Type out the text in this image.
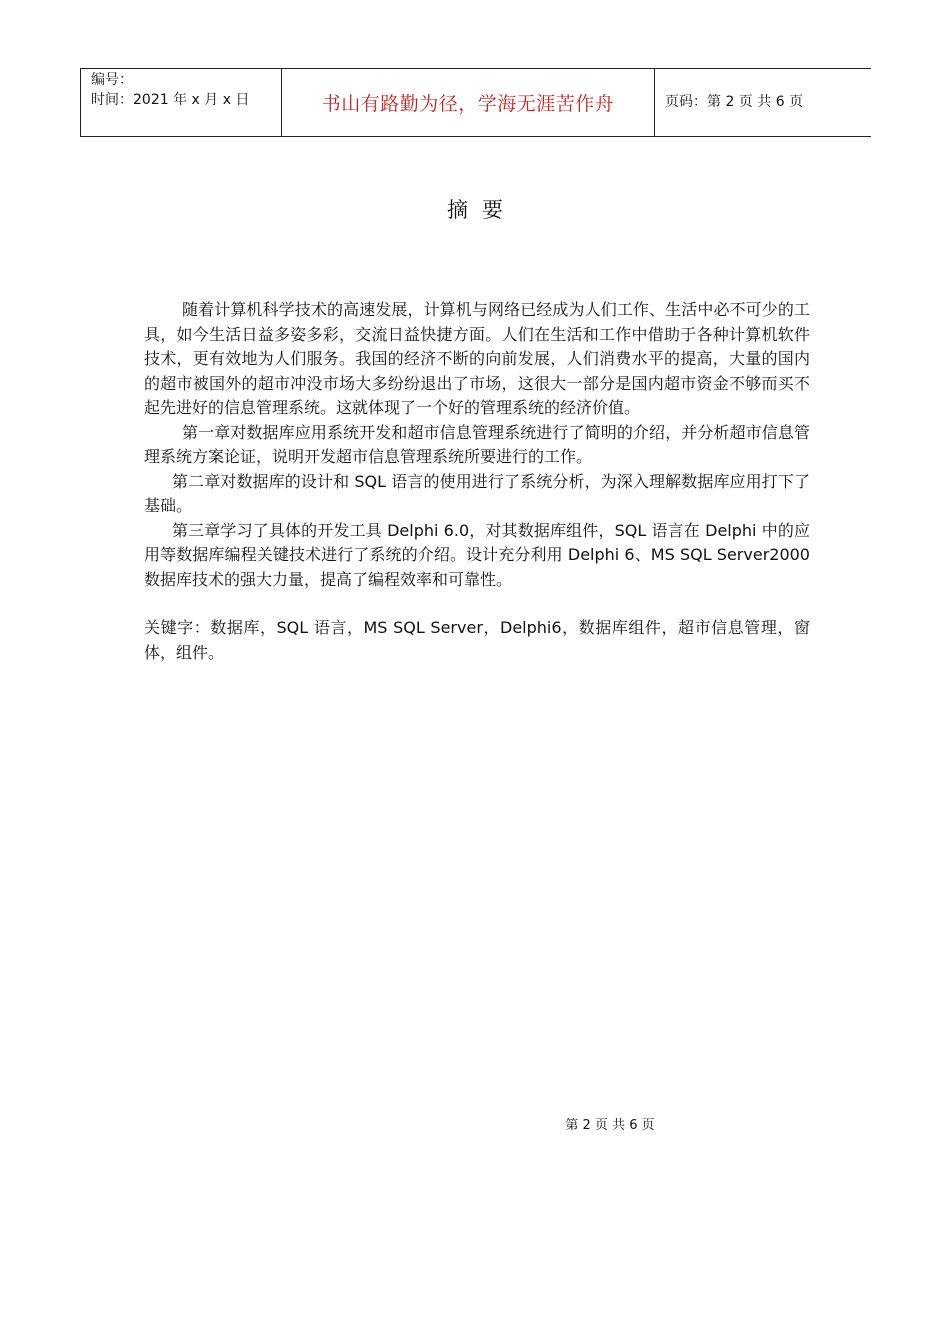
编号：
时间：2021 年 x 月 x 日	书山有路勤为径，学海无涯苦作舟	页码：第 2 页 共 6 页
摘要

随着计算机科学技术的高速发展，计算机与网络已经成为人们工作、生活中必不可少的工具，如今生活日益多姿多彩，交流日益快捷方面。人们在生活和工作中借助于各种计算机软件技术，更有效地为人们服务。我国的经济不断的向前发展，人们消费水平的提高，大量的国内的超市被国外的超市冲没市场大多纷纷退出了市场，这很大一部分是国内超市资金不够而买不起先进好的信息管理系统。这就体现了一个好的管理系统的经济价值。

第一章对数据库应用系统开发和超市信息管理系统进行了简明的介绍，并分析超市信息管理系统方案论证，说明开发超市信息管理系统所要进行的工作。

第二章对数据库的设计和 SQL 语言的使用进行了系统分析，为深入理解数据库应用打下了基础。

第三章学习了具体的开发工具 Delphi 6.0，对其数据库组件，SQL 语言在 Delphi 中的应用等数据库编程关键技术进行了系统的介绍。设计充分利用 Delphi 6、MS SQL Server2000 数据库技术的强大力量，提高了编程效率和可靠性。

关键字：数据库，SQL 语言，MS SQL Server，Delphi6，数据库组件，超市信息管理，窗体，组件。

第 2 页 共 6 页
